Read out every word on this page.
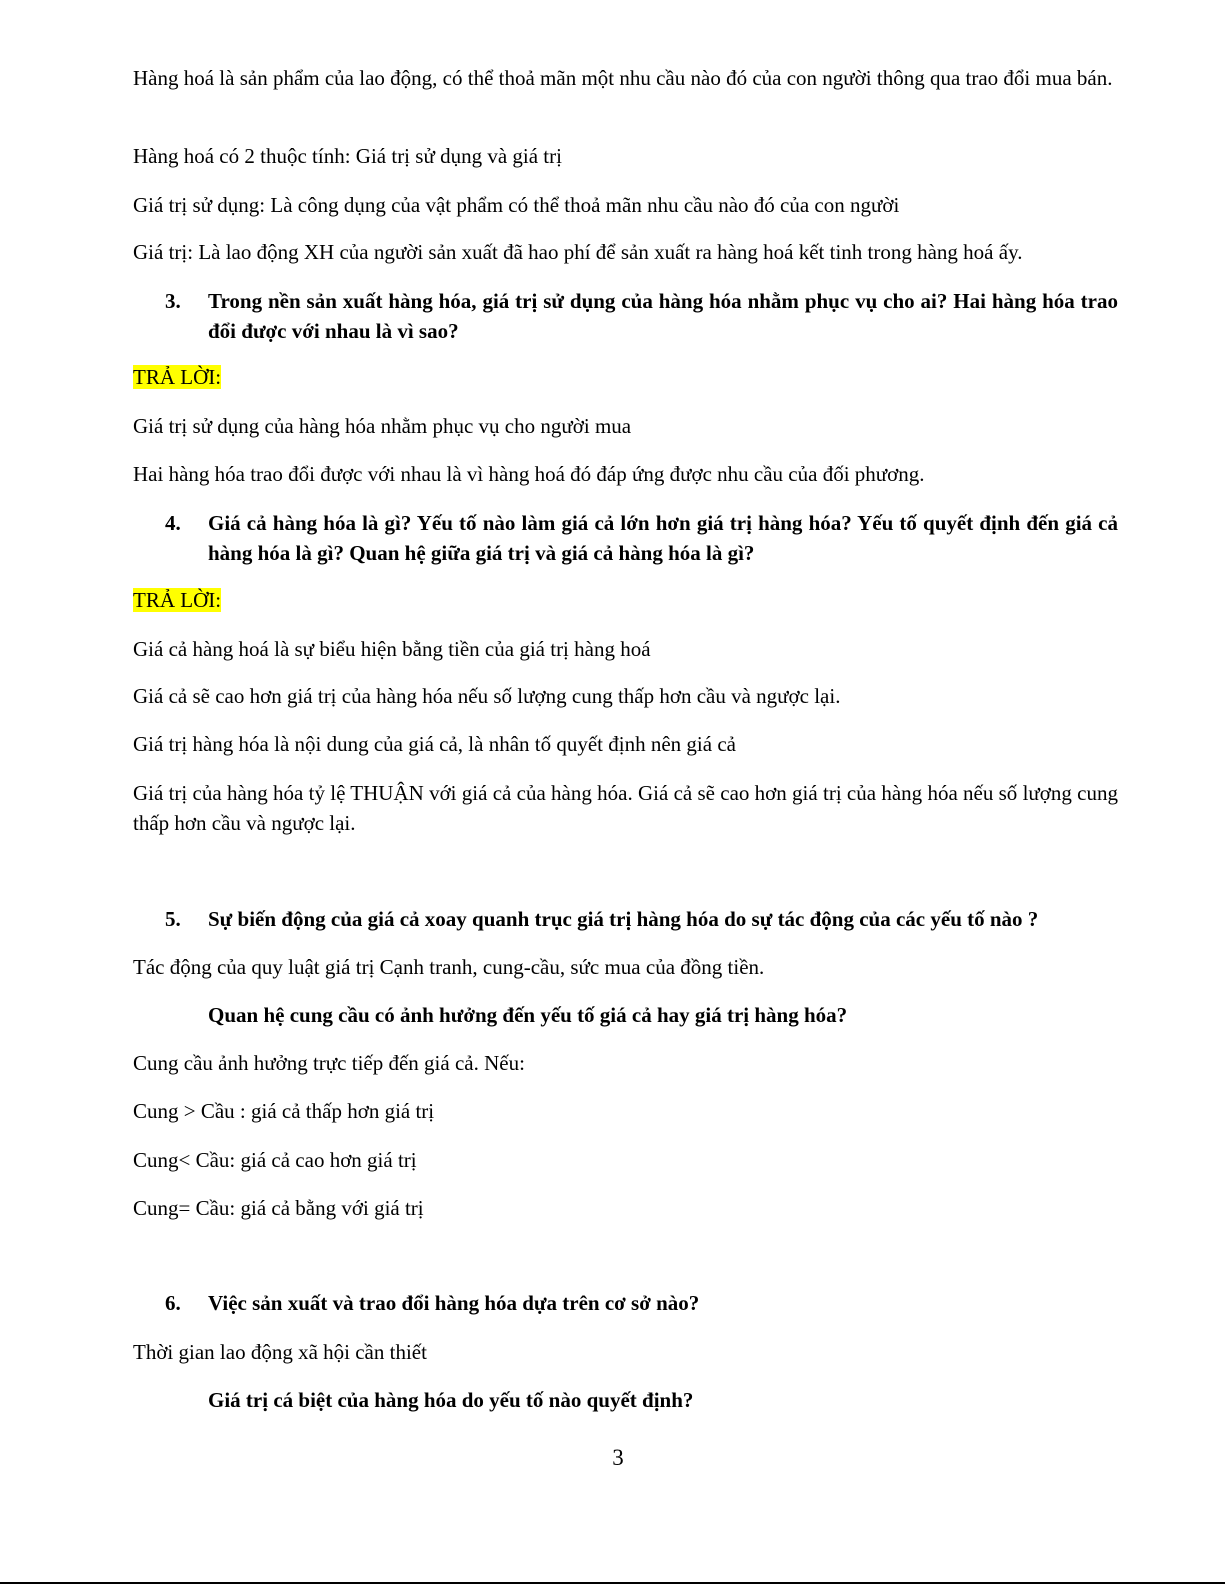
Hàng hoá là sản phẩm của lao động, có thể thoả mãn một nhu cầu nào đó của con người thông qua trao đổi mua bán.
Hàng hoá có 2 thuộc tính: Giá trị sử dụng và giá trị
Giá trị sử dụng: Là công dụng của vật phẩm có thể thoả mãn nhu cầu nào đó của con người
Giá trị: Là lao động XH của người sản xuất đã hao phí để sản xuất ra hàng hoá kết tinh trong hàng hoá ấy.
3. Trong nền sản xuất hàng hóa, giá trị sử dụng của hàng hóa nhằm phục vụ cho ai? Hai hàng hóa trao đổi được với nhau là vì sao?
TRẢ LỜI:
Giá trị sử dụng của hàng hóa nhằm phục vụ cho người mua
Hai hàng hóa trao đổi được với nhau là vì hàng hoá đó đáp ứng được nhu cầu của đối phương.
4. Giá cả hàng hóa là gì? Yếu tố nào làm giá cả lớn hơn giá trị hàng hóa? Yếu tố quyết định đến giá cả hàng hóa là gì? Quan hệ giữa giá trị và giá cả hàng hóa là gì?
TRẢ LỜI:
Giá cả hàng hoá là sự biểu hiện bằng tiền của giá trị hàng hoá
Giá cả sẽ cao hơn giá trị của hàng hóa nếu số lượng cung thấp hơn cầu và ngược lại.
Giá trị hàng hóa là nội dung của giá cả, là nhân tố quyết định nên giá cả
Giá trị của hàng hóa tỷ lệ THUẬN với giá cả của hàng hóa. Giá cả sẽ cao hơn giá trị của hàng hóa nếu số lượng cung thấp hơn cầu và ngược lại.
5. Sự biến động của giá cả xoay quanh trục giá trị hàng hóa do sự tác động của các yếu tố nào ?
Tác động của quy luật giá trị Cạnh tranh, cung-cầu, sức mua của đồng tiền.
Quan hệ cung cầu có ảnh hưởng đến yếu tố giá cả hay giá trị hàng hóa?
Cung cầu ảnh hưởng trực tiếp đến giá cả. Nếu:
Cung > Cầu : giá cả thấp hơn giá trị
Cung< Cầu: giá cả cao hơn giá trị
Cung= Cầu: giá cả bằng với giá trị
6. Việc sản xuất và trao đổi hàng hóa dựa trên cơ sở nào?
Thời gian lao động xã hội cần thiết
Giá trị cá biệt của hàng hóa do yếu tố nào quyết định?
3
